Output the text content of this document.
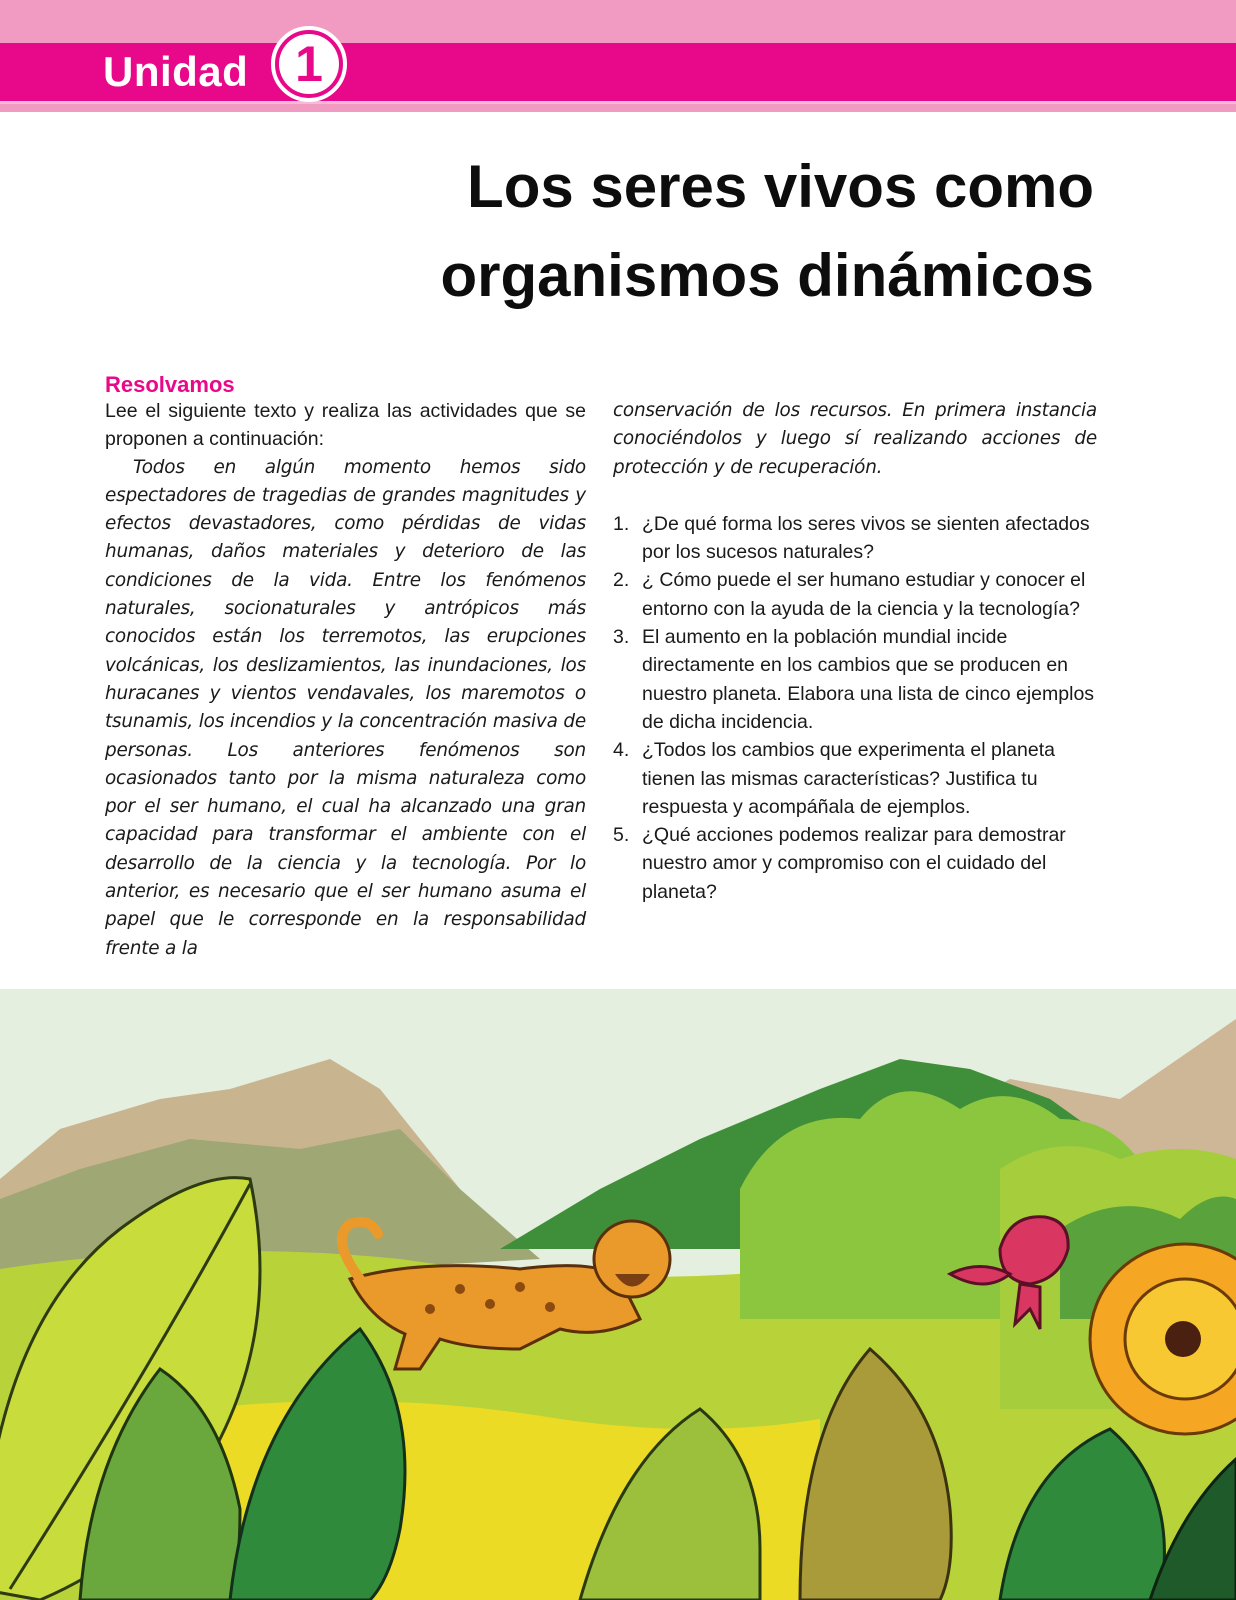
Unidad 1
Los seres vivos como
organismos dinámicos
Resolvamos

Lee el siguiente texto y realiza las actividades que se proponen a continuación:

Todos en algún momento hemos sido espectadores de tragedias de grandes magnitudes y efectos devastadores, como pérdidas de vidas humanas, daños materiales y deterioro de las condiciones de la vida. Entre los fenómenos naturales, socionaturales y antrópicos más conocidos están los terremotos, las erupciones volcánicas, los deslizamientos, las inundaciones, los huracanes y vientos vendavales, los maremotos o tsunamis, los incendios y la concentración masiva de personas. Los anteriores fenómenos son ocasionados tanto por la misma naturaleza como por el ser humano, el cual ha alcanzado una gran capacidad para transformar el ambiente con el desarrollo de la ciencia y la tecnología. Por lo anterior, es necesario que el ser humano asuma el papel que le corresponde en la responsabilidad frente a la

conservación de los recursos. En primera instancia conociéndolos y luego sí realizando acciones de protección y de recuperación.

1. ¿De qué forma los seres vivos se sienten afectados por los sucesos naturales?
2. ¿ Cómo puede el ser humano estudiar y conocer el entorno con la ayuda de la ciencia y la tecnología?
3. El aumento en la población mundial incide directamente en los cambios que se producen en nuestro planeta. Elabora una lista de cinco ejemplos de dicha incidencia.
4. ¿Todos los cambios que experimenta el planeta tienen las mismas características? Justifica tu respuesta y acompáñala de ejemplos.
5. ¿Qué acciones podemos realizar para demostrar nuestro amor y compromiso con el cuidado del planeta?
